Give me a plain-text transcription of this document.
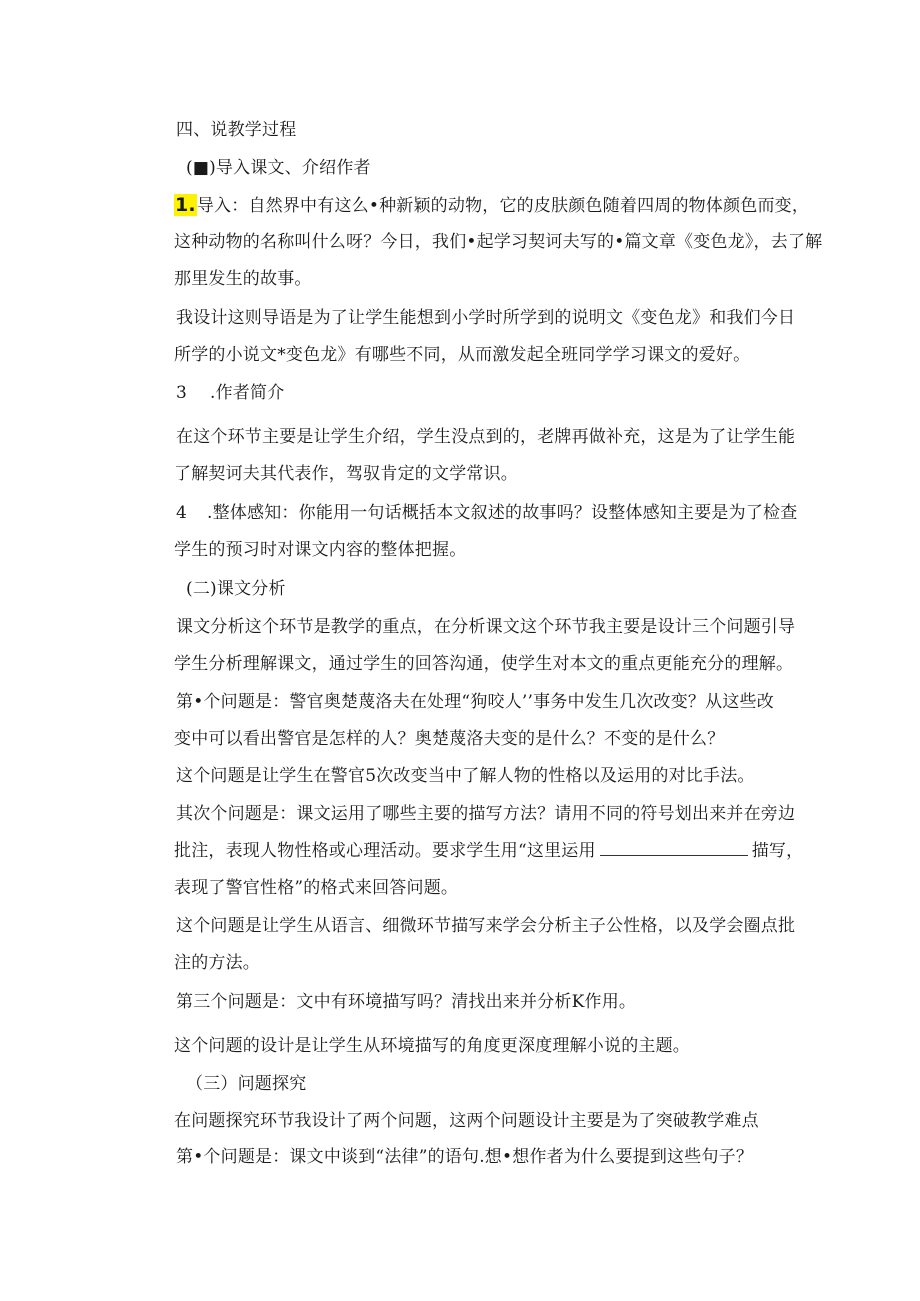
四、说教学过程
(■)导入课文、介绍作者
1.导入：自然界中有这么•种新颖的动物，它的皮肤颜色随着四周的物体颜色而变，
这种动物的名称叫什么呀？今日，我们•起学习契诃夫写的•篇文章《变色龙》，去了解
那里发生的故事。
我设计这则导语是为了让学生能想到小学时所学到的说明文《变色龙》和我们今日
所学的小说文*变色龙》有哪些不同，从而激发起全班同学学习课文的爱好。
3 .作者简介
在这个环节主要是让学生介绍，学生没点到的，老牌再做补充，这是为了让学生能
了解契诃夫其代表作，驾驭肯定的文学常识。
4 .整体感知：你能用一句话概括本文叙述的故事吗？设整体感知主要是为了检查
学生的预习时对课文内容的整体把握。
(二)课文分析
课文分析这个环节是教学的重点，在分析课文这个环节我主要是设计三个问题引导
学生分析理解课文，通过学生的回答沟通，使学生对本文的重点更能充分的理解。
第•个问题是：警官奥楚蔑洛夫在处理“狗咬人’’事务中发生几次改变？从这些改
变中可以看出警官是怎样的人？奥楚蔑洛夫变的是什么？不变的是什么？
这个问题是让学生在警官5次改变当中了解人物的性格以及运用的对比手法。
其次个问题是：课文运用了哪些主要的描写方法？请用不同的符号划出来并在旁边
批注，表现人物性格或心理活动。要求学生用“这里运用	描写，
表现了警官性格”的格式来回答问题。
这个问题是让学生从语言、细微环节描写来学会分析主子公性格，以及学会圈点批
注的方法。
第三个问题是：文中有环境描写吗？清找出来并分析K作用。
这个问题的设计是让学生从环境描写的角度更深度理解小说的主题。
（三）问题探究
在问题探究环节我设计了两个问题，这两个问题设计主要是为了突破教学难点
第•个问题是：课文中谈到“法律”的语句.想•想作者为什么要提到这些句子？
